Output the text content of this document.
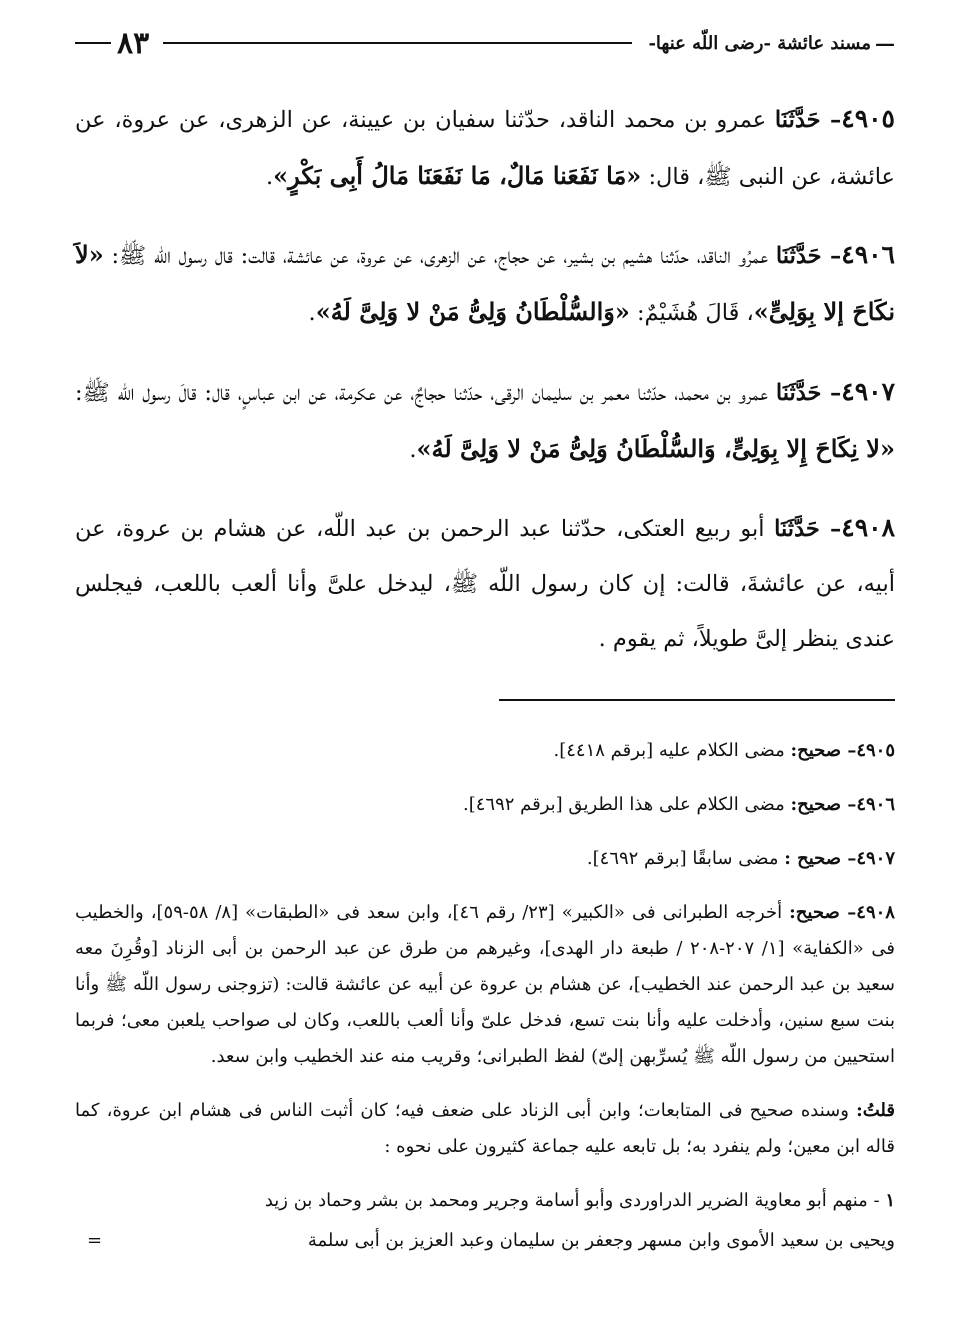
—
مسند عائشة -رضى اللّه عنها-
٨٣

٤٩٠٥– حَدَّثَنَا عمرو بن محمد الناقد، حدّثنا سفيان بن عيينة، عن الزهرى، عن عروة، عن عائشة، عن النبى ﷺ، قال: «مَا نَفَعَنا مَالٌ، مَا نَفَعَنَا مَالُ أَبِى بَكْرٍ».

٤٩٠٦– حَدَّثَنَا عمرُو الناقد، حدّثنا هشيم بن بشير، عن حجاج، عن الزهرى، عن عروة، عن عائشة، قالت: قال رسول اللّه ﷺ: «لاَ نكَاحَ إلا بِوَلِىٍّ»، قَالَ هُشَيْمٌ: «وَالسُّلْطَانُ وَلِىُّ مَنْ لا وَلِىَّ لَهُ».

٤٩٠٧– حَدَّثَنَا عمرو بن محمد، حدّثنا معمر بن سليمان الرقى، حدّثنا حجاجٌ، عن عكرمة، عن ابن عباسٍ، قال: قالَ رسول اللّه ﷺ: «لا نِكَاحَ إِلا بِوَلِىٍّ، وَالسُّلْطَانُ وَلِىُّ مَنْ لا وَلِىَّ لَهُ».

٤٩٠٨– حَدَّثَنَا أبو ربيع العتكى، حدّثنا عبد الرحمن بن عبد اللّه، عن هشام بن عروة، عن أبيه، عن عائشةَ، قالت: إن كان رسول اللّه ﷺ، ليدخل علىَّ وأنا ألعب باللعب، فيجلس عندى ينظر إلىَّ طويلاً، ثم يقوم .

٤٩٠٥– صحيح: مضى الكلام عليه [برقم ٤٤١٨].

٤٩٠٦– صحيح: مضى الكلام على هذا الطريق [برقم ٤٦٩٢].

٤٩٠٧– صحيح : مضى سابقًا [برقم ٤٦٩٢].

٤٩٠٨– صحيح: أخرجه الطبرانى فى «الكبير» [٢٣/ رقم ٤٦]، وابن سعد فى «الطبقات» [٨/ ٥٨-٥٩]، والخطيب فى «الكفاية» [١/ ٢٠٧-٢٠٨ / طبعة دار الهدى]، وغيرهم من طرق عن عبد الرحمن بن أبى الزناد [وقُرِنَ معه سعيد بن عبد الرحمن عند الخطيب]، عن هشام بن عروة عن أبيه عن عائشة قالت: (تزوجنى رسول اللّه ﷺ وأنا بنت سبع سنين، وأدخلت عليه وأنا بنت تسع، فدخل علىّ وأنا ألعب باللعب، وكان لى صواحب يلعبن معى؛ فربما استحيين من رسول اللّه ﷺ يُسرِّبهن إلىّ) لفظ الطبرانى؛ وقريب منه عند الخطيب وابن سعد.

قلتُ: وسنده صحيح فى المتابعات؛ وابن أبى الزناد على ضعف فيه؛ كان أثبت الناس فى هشام ابن عروة، كما قاله ابن معين؛ ولم ينفرد به؛ بل تابعه عليه جماعة كثيرون على نحوه :

١ - منهم أبو معاوية الضرير الدراوردى وأبو أسامة وجرير ومحمد بن بشر وحماد بن زيد

ويحيى بن سعيد الأموى وابن مسهر وجعفر بن سليمان وعبد العزيز بن أبى سلمة
=
